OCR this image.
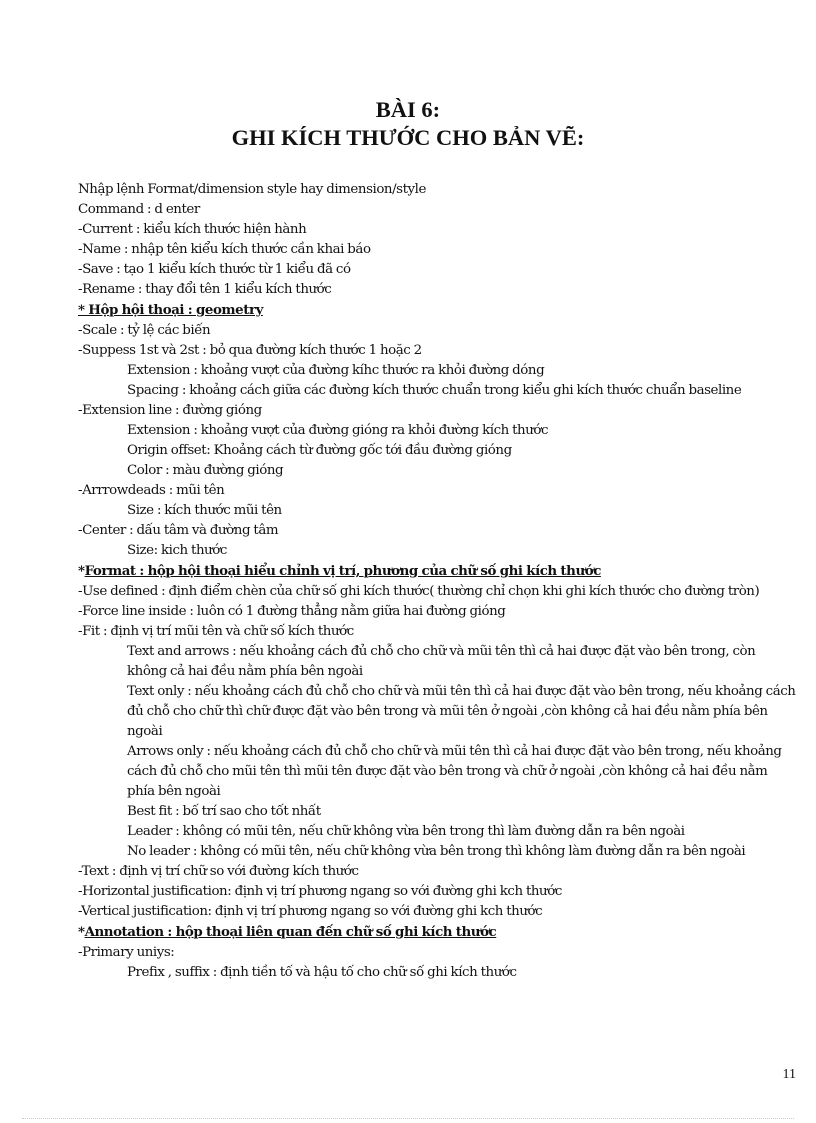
BÀI 6:
GHI KÍCH THƯỚC CHO BẢN VẼ:
Nhập lệnh Format/dimension style hay dimension/style
Command : d enter
-Current : kiểu kích thước hiện hành
-Name : nhập tên kiểu kích thước cần khai báo
-Save : tạo 1 kiểu kích thước từ 1 kiểu đã có
-Rename : thay đổi tên 1 kiểu kích thước
* Hộp hội thoại : geometry
-Scale : tỷ lệ các biến
-Suppess 1st và 2st : bỏ qua đường kích thước 1 hoặc 2
Extension : khoảng vượt của đường kíhc thước ra khỏi đường dóng
Spacing : khoảng cách giữa các đường kích thước chuẩn trong kiểu ghi kích thước chuẩn baseline
-Extension line : đường gióng
Extension : khoảng vượt của đường gióng ra khỏi đường kích thước
Origin offset: Khoảng cách từ đường gốc tới đầu đường gióng
Color : màu đường gióng
-Arrrowdeads : mũi tên
Size : kích thước mũi tên
-Center : dấu tâm và đường tâm
Size: kich thước
*Format : hộp hội thoại hiểu chỉnh vị trí, phương của chữ số ghi kích thước
-Use defined : định điểm chèn của chữ số ghi kích thước( thường chỉ chọn khi ghi kích thước cho đường tròn)
-Force line inside : luôn có 1 đường thẳng nằm giữa hai đường gióng
-Fit : định vị trí mũi tên và chữ số kích thước
Text and arrows : nếu khoảng cách đủ chỗ cho chữ và mũi tên thì cả hai được đặt vào bên trong, còn không cả hai đều nằm phía bên ngoài
Text only : nếu khoảng cách đủ chỗ cho chữ và mũi tên thì cả hai được đặt vào bên trong, nếu khoảng cách đủ chỗ cho chữ thì chữ được đặt vào bên trong và mũi tên ở ngoài ,còn không cả hai đều nằm phía bên ngoài
Arrows only : nếu khoảng cách đủ chỗ cho chữ và mũi tên thì cả hai được đặt vào bên trong, nếu khoảng cách đủ chỗ cho mũi tên thì mũi tên được đặt vào bên trong và chữ ở ngoài ,còn không cả hai đều nằm phía bên ngoài
Best fit : bố trí sao cho tốt nhất
Leader : không có mũi tên, nếu chữ không vừa bên trong thì làm đường dẫn ra bên ngoài
No leader : không có mũi tên, nếu chữ không vừa bên trong thì không làm đường dẫn ra bên ngoài
-Text : định vị trí chữ so với đường kích thước
-Horizontal justification: định vị trí phương ngang so với đường ghi kch thước
-Vertical justification: định vị trí phương ngang so với đường ghi kch thước
*Annotation : hộp thoại liên quan đến chữ số ghi kích thước
-Primary uniys:
Prefix , suffix : định tiền tố và hậu tố cho chữ số ghi kích thước
11
